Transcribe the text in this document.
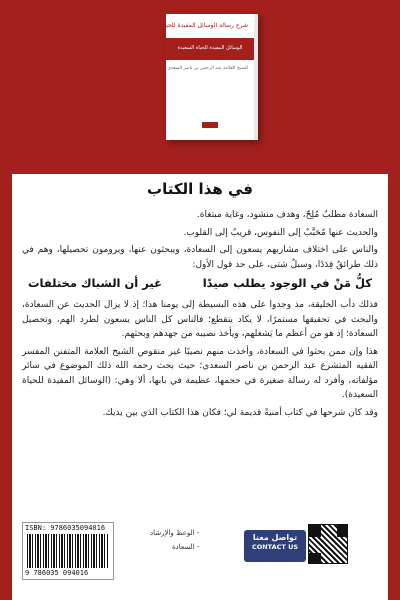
شرح رسالة الوسائل المفيدة للحياة السعيدة
الوسائل المفيدة للحياة السعيدة
للشيخ العلامة عبد الرحمن بن ناصر السعدي
في هذا الكتاب

السعادة مطلبٌ مُلِحّ، وهدف منشود، وغاية مبتغاة.

والحديث عنها مُحَبَّبٌ إلى النفوس، قريبٌ إلى القلوب.

والناس على اختلاف مشاربهم يسعون إلى السعادة، ويبحثون عنها، ويرومون تحصيلها، وهم في ذلك طرائقُ قِدَدًا، وسبلٌ شتى، على حد قول الأول:

كلُّ مَنْ في الوجود يطلب صيدًا
غير أن الشباك مختلفات

فذلك دأب الخليقة، مذ وجدوا على هذه البسيطة إلى يومنا هذا؛ إذ لا يزال الحديث عن السعادة، والبحث في تحقيقها مستمرًا، لا يكاد ينقطع؛ فالناس كل الناس يسعون لطرد الهم، وتحصيل السعادة؛ إذ هو من أعظم ما يَشغلهم، ويأخذ نصيبه من جهدهم وبحثهم.

هذا وإن ممن بحثوا في السعادة، وأخذت منهم نصيبًا غير منقوص الشيخ العلامة المتفنن المفسر الفقيه المتشرع عبد الرحمن بن ناصر السعدي؛ حيث بحث رحمه الله ذلك الموضوع في سائر مؤلفاته، وأفرد له رسالة صغيرة في حجمها، عظيمة في بابها، ألا وهي: (الوسائل المفيدة للحياة السعيدة).

وقد كان شرحها في كتاب أمنيةً قديمة لي؛ فكان هذا الكتاب الذي بين يديك.

ISBN: 9786035094016
9 786035 094016
- الوعظ والإرشاد
- السعادة
تواصل معنا
CONTACT US
